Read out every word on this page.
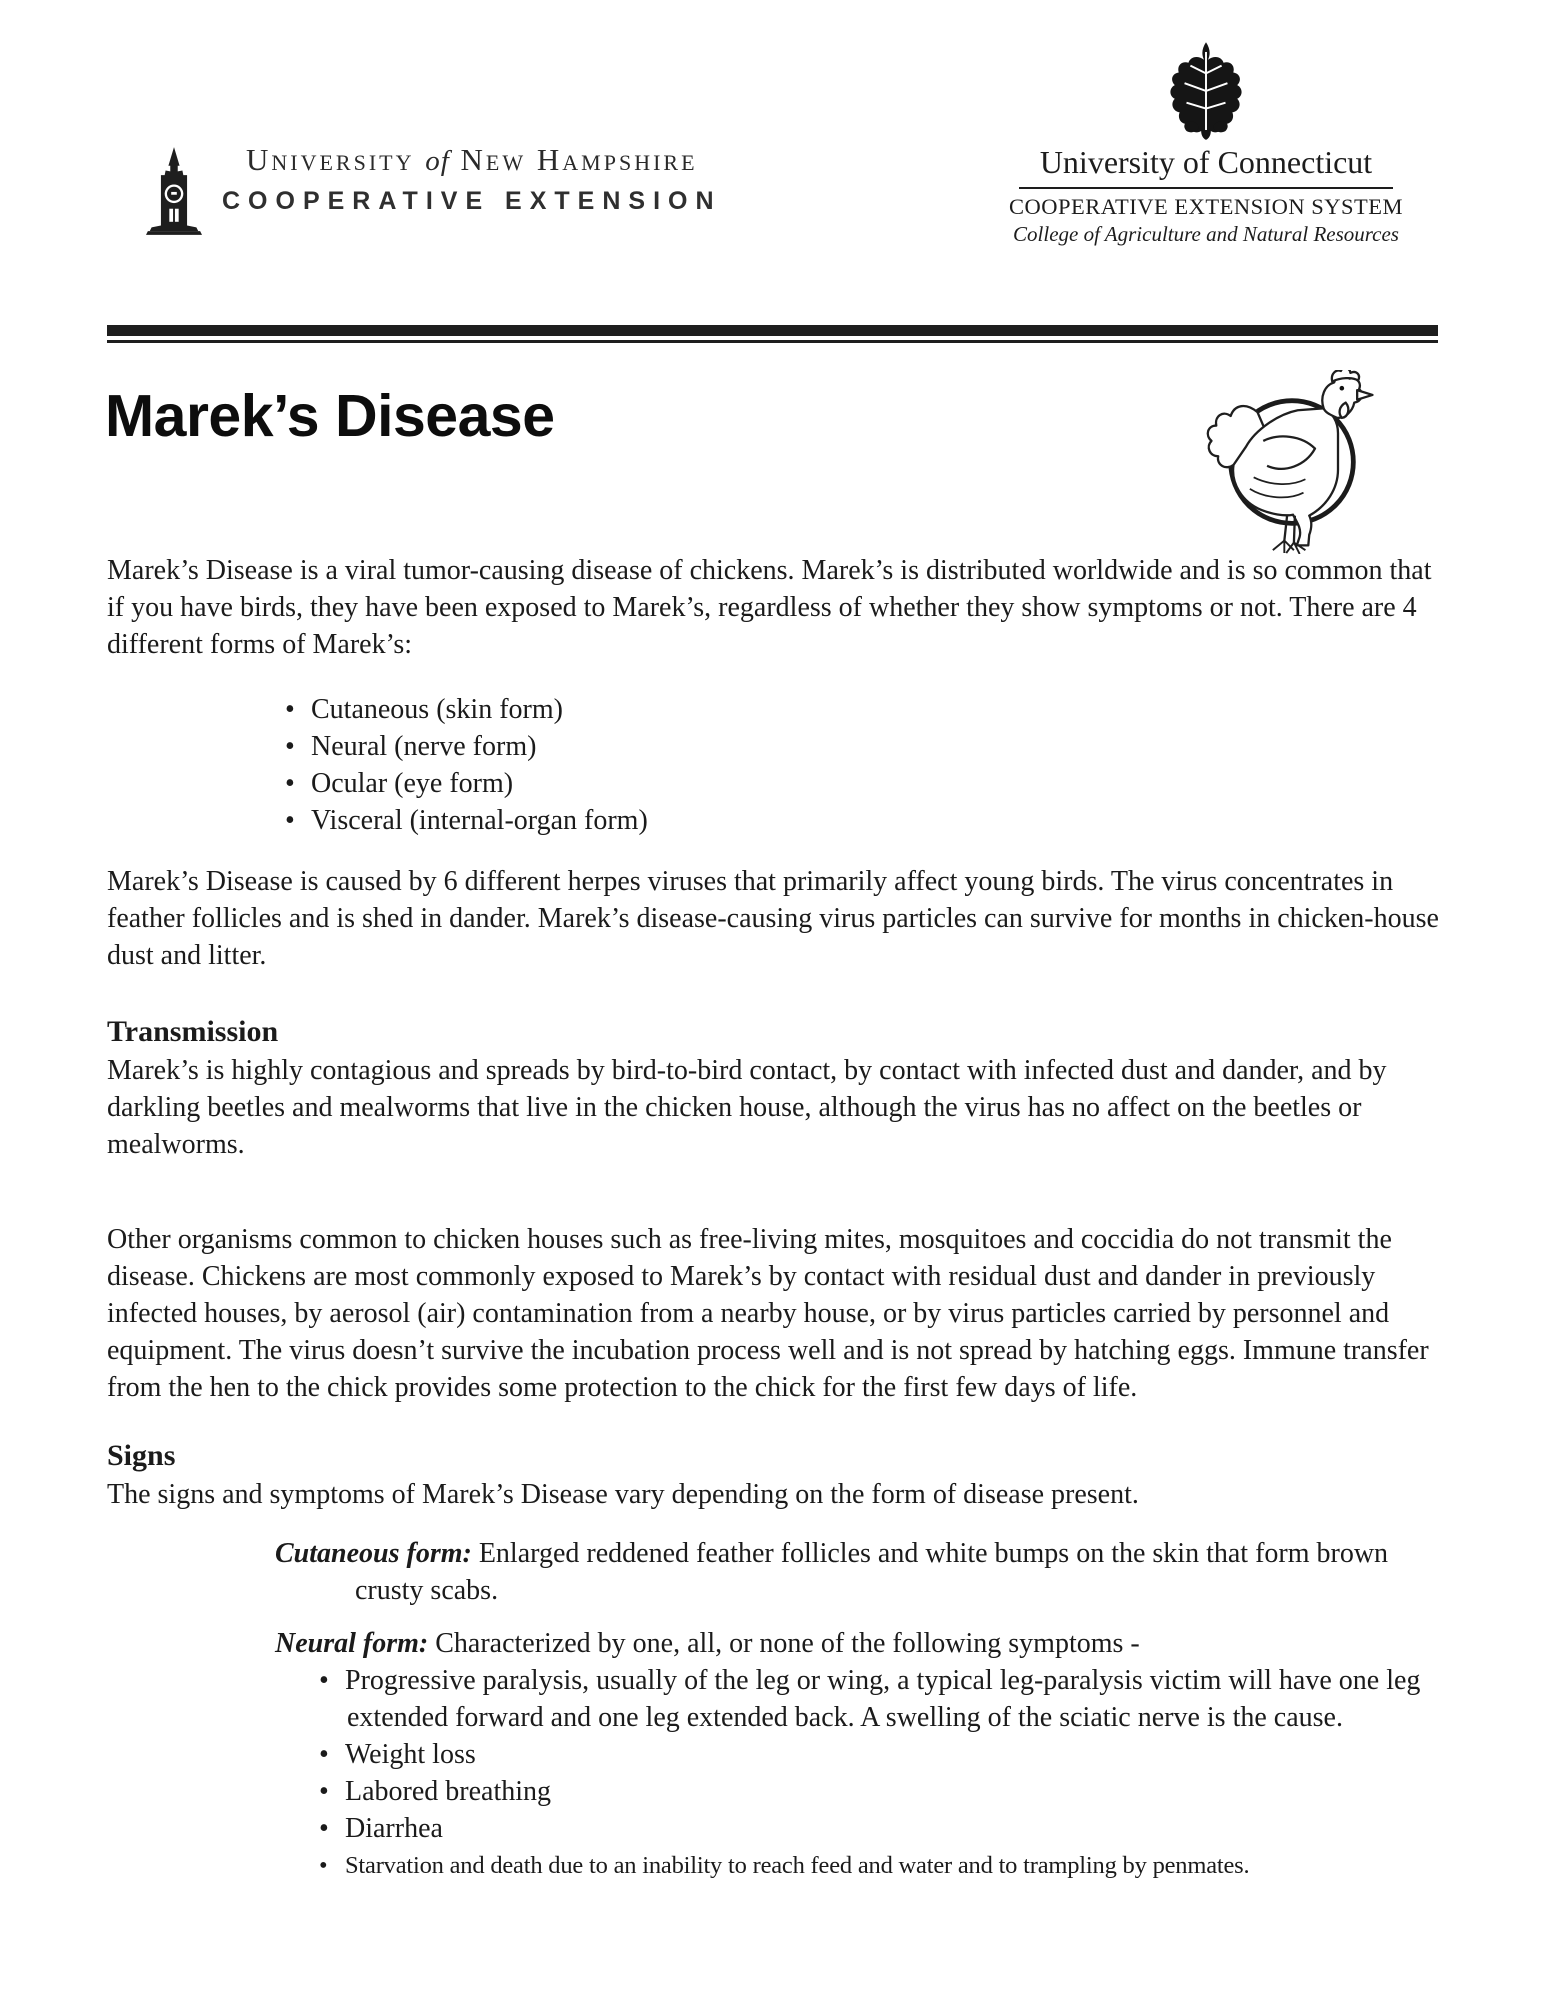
University of New Hampshire
COOPERATIVE EXTENSION
University of Connecticut
COOPERATIVE EXTENSION SYSTEM
College of Agriculture and Natural Resources
Marek’s Disease

Marek’s Disease is a viral tumor-causing disease of chickens. Marek’s is distributed worldwide and is so common that if you have birds, they have been exposed to Marek’s, regardless of whether they show symptoms or not. There are 4 different forms of Marek’s:

• Cutaneous (skin form)
• Neural (nerve form)
• Ocular (eye form)
• Visceral (internal-organ form)

Marek’s Disease is caused by 6 different herpes viruses that primarily affect young birds. The virus concentrates in feather follicles and is shed in dander. Marek’s disease-causing virus particles can survive for months in chicken-house dust and litter.

Transmission

Marek’s is highly contagious and spreads by bird-to-bird contact, by contact with infected dust and dander, and by darkling beetles and mealworms that live in the chicken house, although the virus has no affect on the beetles or mealworms.

Other organisms common to chicken houses such as free-living mites, mosquitoes and coccidia do not transmit the disease. Chickens are most commonly exposed to Marek’s by contact with residual dust and dander in previously infected houses, by aerosol (air) contamination from a nearby house, or by virus particles carried by personnel and equipment. The virus doesn’t survive the incubation process well and is not spread by hatching eggs. Immune transfer from the hen to the chick provides some protection to the chick for the first few days of life.

Signs

The signs and symptoms of Marek’s Disease vary depending on the form of disease present.

Cutaneous form: Enlarged reddened feather follicles and white bumps on the skin that form brown crusty scabs.
Neural form: Characterized by one, all, or none of the following symptoms -
• Progressive paralysis, usually of the leg or wing, a typical leg-paralysis victim will have one leg extended forward and one leg extended back. A swelling of the sciatic nerve is the cause.
• Weight loss
• Labored breathing
• Diarrhea
• Starvation and death due to an inability to reach feed and water and to trampling by penmates.
